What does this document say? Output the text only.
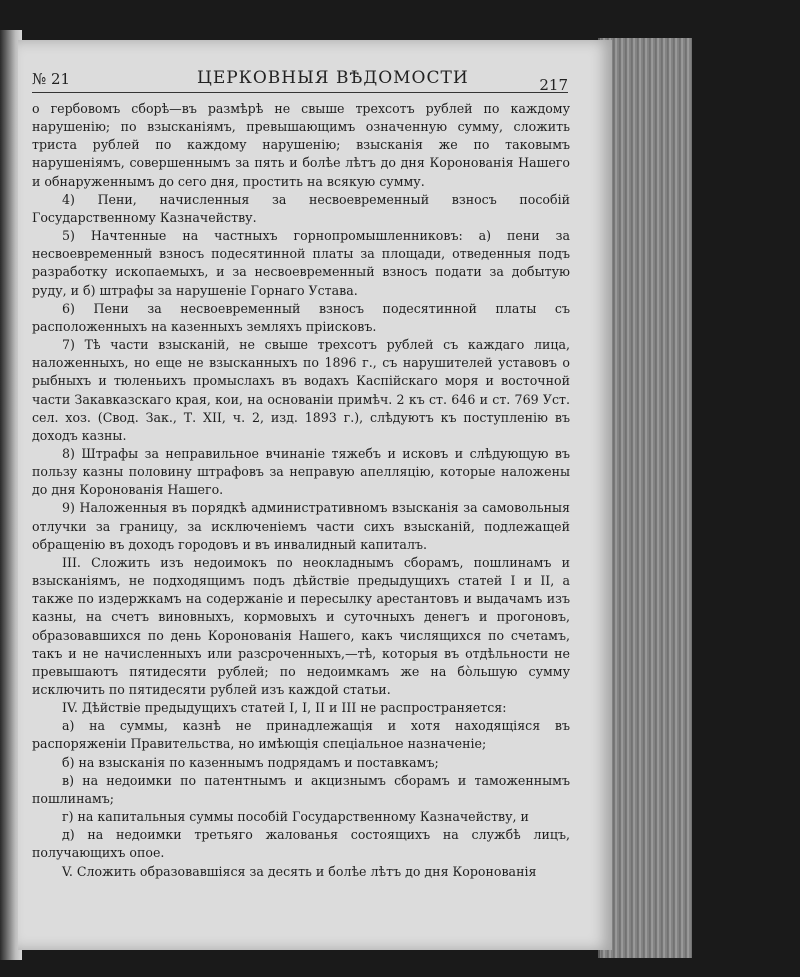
№ 21	ЦЕРКОВНЫЯ ВѢДОМОСТИ	217

о гербовомъ сборѣ—въ размѣрѣ не свыше трехсотъ рублей по каждому нарушенію; по взысканіямъ, превышающимъ означенную сумму, сложить триста рублей по каждому нарушенію; взысканія же по таковымъ нарушеніямъ, совершеннымъ за пять и болѣе лѣтъ до дня Коронованія Нашего и обнаруженнымъ до сего дня, простить на всякую сумму.

4) Пени, начисленныя за несвоевременный взносъ пособій Государственному Казначейству.

5) Начтенные на частныхъ горнопромышленниковъ: а) пени за несвоевременный взносъ подесятинной платы за площади, отведенныя подъ разработку ископаемыхъ, и за несвоевременный взносъ подати за добытую руду, и б) штрафы за нарушеніе Горнаго Устава.

6) Пени за несвоевременный взносъ подесятинной платы съ расположенныхъ на казенныхъ земляхъ пріисковъ.

7) Тѣ части взысканій, не свыше трехсотъ рублей съ каждаго лица, наложенныхъ, но еще не взысканныхъ по 1896 г., съ нарушителей уставовъ о рыбныхъ и тюленьихъ промыслахъ въ водахъ Каспійскаго моря и восточной части Закавказскаго края, кои, на основаніи примѣч. 2 къ ст. 646 и ст. 769 Уст. сел. хоз. (Свод. Зак., Т. XII, ч. 2, изд. 1893 г.), слѣдуютъ къ поступленію въ доходъ казны.

8) Штрафы за неправильное вчинаніе тяжебъ и исковъ и слѣдующую въ пользу казны половину штрафовъ за неправую апелляцію, которые наложены до дня Коронованія Нашего.

9) Наложенныя въ порядкѣ административномъ взысканія за самовольныя отлучки за границу, за исключеніемъ части сихъ взысканій, подлежащей обращенію въ доходъ городовъ и въ инвалидный капиталъ.

III. Сложить изъ недоимокъ по неокладнымъ сборамъ, пошлинамъ и взысканіямъ, не подходящимъ подъ дѣйствіе предыдущихъ статей I и II, а также по издержкамъ на содержаніе и пересылку арестантовъ и выдачамъ изъ казны, на счетъ виновныхъ, кормовыхъ и суточныхъ денегъ и прогоновъ, образовавшихся по день Коронованія Нашего, какъ числящихся по счетамъ, такъ и не начисленныхъ или разсроченныхъ,—тѣ, которыя въ отдѣльности не превышаютъ пятидесяти рублей; по недоимкамъ же на бо̀льшую сумму исключить по пятидесяти рублей изъ каждой статьи.

IV. Дѣйствіе предыдущихъ статей I, I, II и III не распространяется:

а) на суммы, казнѣ не принадлежащія и хотя находящіяся въ распоряженіи Правительства, но имѣющія спеціальное назначеніе;

б) на взысканія по казеннымъ подрядамъ и поставкамъ;

в) на недоимки по патентнымъ и акцизнымъ сборамъ и таможеннымъ пошлинамъ;

г) на капитальныя суммы пособій Государственному Казначейству, и

д) на недоимки третьяго жалованья состоящихъ на службѣ лицъ, получающихъ опое.

V. Сложить образовавшіяся за десять и болѣе лѣтъ до дня Коронованія
